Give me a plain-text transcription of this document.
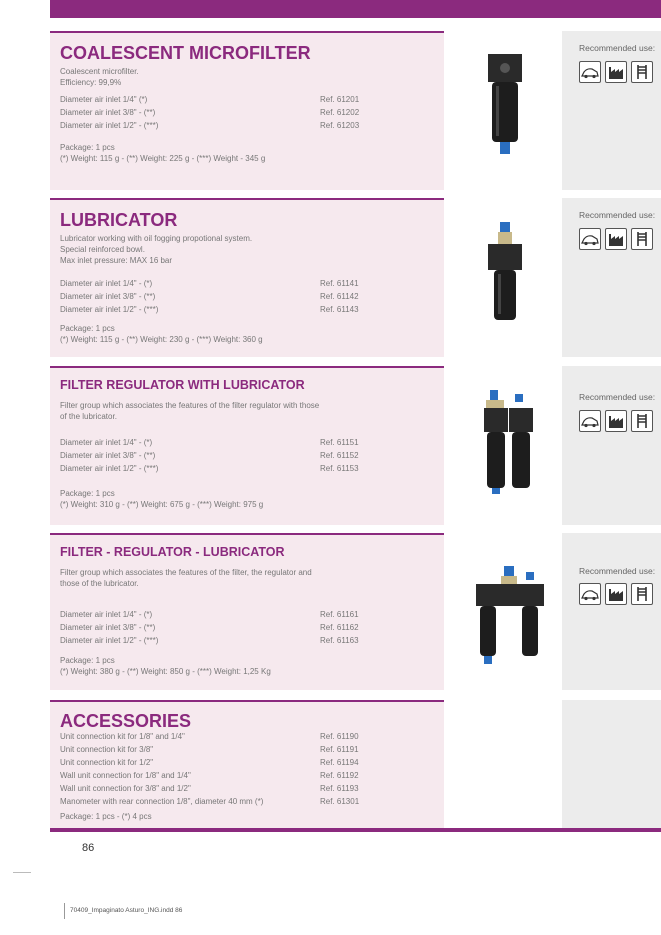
Recommended use:
COALESCENT MICROFILTER
Coalescent microfilter.
Efficiency: 99,9%
Diameter air inlet 1/4" (*)	Ref. 61201
Diameter air inlet 3/8" - (**)	Ref. 61202
Diameter air inlet 1/2" - (***)	Ref. 61203
Package: 1 pcs
(*) Weight: 115 g - (**) Weight: 225 g - (***) Weight - 345 g
Recommended use:
LUBRICATOR
Lubricator working with oil fogging propotional system.
Special reinforced bowl.
Max inlet pressure: MAX 16 bar
Diameter air inlet 1/4" - (*)	Ref. 61141
Diameter air inlet 3/8" - (**)	Ref. 61142
Diameter air inlet 1/2" - (***)	Ref. 61143
Package: 1 pcs
(*) Weight: 115 g - (**) Weight: 230 g - (***) Weight: 360 g
Recommended use:
FILTER REGULATOR WITH LUBRICATOR
Filter group which associates the features of the filter regulator with those
of the lubricator.
Diameter air inlet 1/4" - (*)	Ref. 61151
Diameter air inlet 3/8" - (**)	Ref. 61152
Diameter air inlet 1/2" - (***)	Ref. 61153
Package: 1 pcs
(*) Weight: 310 g - (**) Weight: 675 g - (***) Weight: 975 g
Recommended use:
FILTER - REGULATOR - LUBRICATOR
Filter group which associates the features of the filter, the regulator and
those of the lubricator.
Diameter air inlet 1/4" - (*)	Ref. 61161
Diameter air inlet 3/8" - (**)	Ref. 61162
Diameter air inlet 1/2" - (***)	Ref. 61163
Package: 1 pcs
(*) Weight: 380 g - (**) Weight: 850 g - (***) Weight: 1,25 Kg
ACCESSORIES
Unit connection kit for 1/8" and 1/4"	Ref. 61190
Unit connection kit for 3/8"	Ref. 61191
Unit connection kit for 1/2"	Ref. 61194
Wall unit connection for 1/8" and 1/4"	Ref. 61192
Wall unit connection for 3/8" and 1/2"	Ref. 61193
Manometer with rear connection 1/8", diameter 40 mm (*)	Ref. 61301
Package: 1 pcs - (*) 4 pcs
86
70409_Impaginato Asturo_ING.indd 86
